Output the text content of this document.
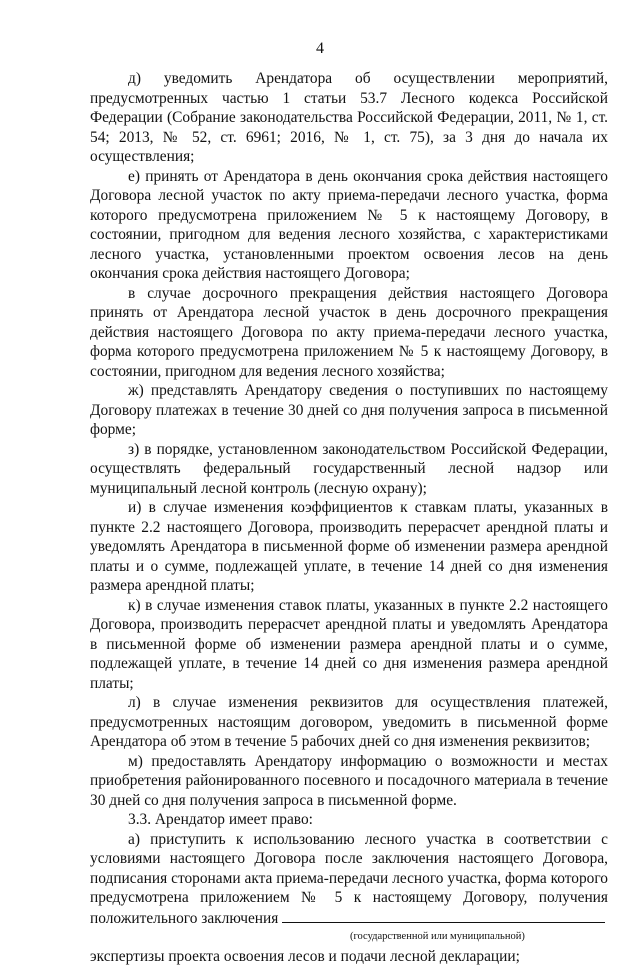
4

д) уведомить Арендатора об осуществлении мероприятий, предусмотренных частью 1 статьи 53.7 Лесного кодекса Российской Федерации (Собрание законодательства Российской Федерации, 2011, № 1, ст. 54; 2013, № 52, ст. 6961; 2016, № 1, ст. 75), за 3 дня до начала их осуществления;

е) принять от Арендатора в день окончания срока действия настоящего Договора лесной участок по акту приема-передачи лесного участка, форма которого предусмотрена приложением № 5 к настоящему Договору, в состоянии, пригодном для ведения лесного хозяйства, с характеристиками лесного участка, установленными проектом освоения лесов на день окончания срока действия настоящего Договора;

в случае досрочного прекращения действия настоящего Договора принять от Арендатора лесной участок в день досрочного прекращения действия настоящего Договора по акту приема-передачи лесного участка, форма которого предусмотрена приложением № 5 к настоящему Договору, в состоянии, пригодном для ведения лесного хозяйства;

ж) представлять Арендатору сведения о поступивших по настоящему Договору платежах в течение 30 дней со дня получения запроса в письменной форме;

з) в порядке, установленном законодательством Российской Федерации, осуществлять федеральный государственный лесной надзор или муниципальный лесной контроль (лесную охрану);

и) в случае изменения коэффициентов к ставкам платы, указанных в пункте 2.2 настоящего Договора, производить перерасчет арендной платы и уведомлять Арендатора в письменной форме об изменении размера арендной платы и о сумме, подлежащей уплате, в течение 14 дней со дня изменения размера арендной платы;

к) в случае изменения ставок платы, указанных в пункте 2.2 настоящего Договора, производить перерасчет арендной платы и уведомлять Арендатора в письменной форме об изменении размера арендной платы и о сумме, подлежащей уплате, в течение 14 дней со дня изменения размера арендной платы;

л) в случае изменения реквизитов для осуществления платежей, предусмотренных настоящим договором, уведомить в письменной форме Арендатора об этом в течение 5 рабочих дней со дня изменения реквизитов;

м) предоставлять Арендатору информацию о возможности и местах приобретения районированного посевного и посадочного материала в течение 30 дней со дня получения запроса в письменной форме.

3.3. Арендатор имеет право:

а) приступить к использованию лесного участка в соответствии с условиями настоящего Договора после заключения настоящего Договора, подписания сторонами акта приема-передачи лесного участка, форма которого предусмотрена приложением № 5 к настоящему Договору, получения положительного заключения

(государственной или муниципальной)

экспертизы проекта освоения лесов и подачи лесной декларации;
